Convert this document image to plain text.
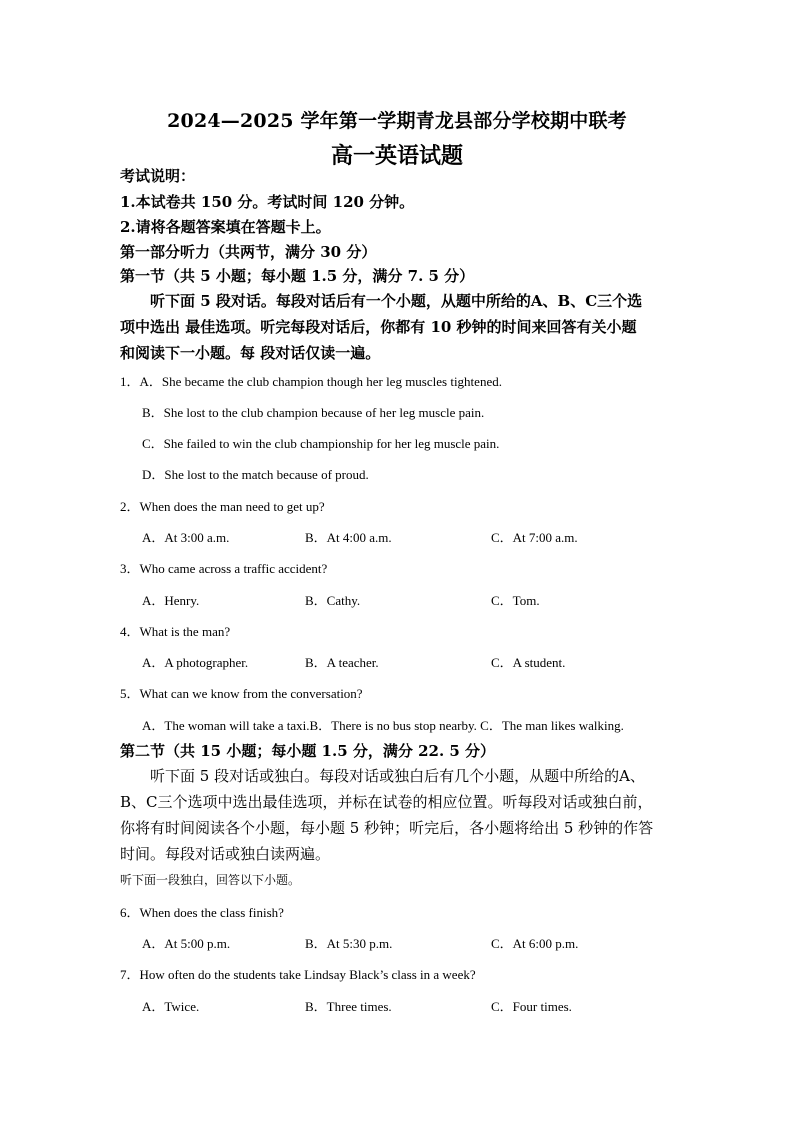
2024—2025 学年第一学期青龙县部分学校期中联考
高一英语试题
考试说明：
1.本试卷共 150 分。考试时间 120 分钟。
2.请将各题答案填在答题卡上。
第一部分听力（共两节，满分 30 分）
第一节（共 5 小题；每小题 1.5 分，满分 7. 5 分）
听下面 5 段对话。每段对话后有一个小题，从题中所给的A、B、C三个选
项中选出 最佳选项。听完每段对话后，你都有 10 秒钟的时间来回答有关小题
和阅读下一小题。每 段对话仅读一遍。
1．A．She became the club champion though her leg muscles tightened.
B．She lost to the club champion because of her leg muscle pain.
C．She failed to win the club championship for her leg muscle pain.
D．She lost to the match because of proud.
2．When does the man need to get up?
A．At 3:00 a.m.	B．At 4:00 a.m.	C．At 7:00 a.m.
3．Who came across a traffic accident?
A．Henry.	B．Cathy.	C．Tom.
4．What is the man?
A．A photographer.	B．A teacher.	C．A student.
5．What can we know from the conversation?
A．The woman will take a taxi.B．There is no bus stop nearby. C．The man likes walking.
第二节（共 15 小题；每小题 1.5 分，满分 22. 5 分）
听下面 5 段对话或独白。每段对话或独白后有几个小题，从题中所给的A、
B、C三个选项中选出最佳选项，并标在试卷的相应位置。听每段对话或独白前，
你将有时间阅读各个小题，每小题 5 秒钟；听完后，各小题将给出 5 秒钟的作答
时间。每段对话或独白读两遍。
听下面一段独白，回答以下小题。
6．When does the class finish?
A．At 5:00 p.m.	B．At 5:30 p.m.	C．At 6:00 p.m.
7．How often do the students take Lindsay Black’s class in a week?
A．Twice.	B．Three times.	C．Four times.
